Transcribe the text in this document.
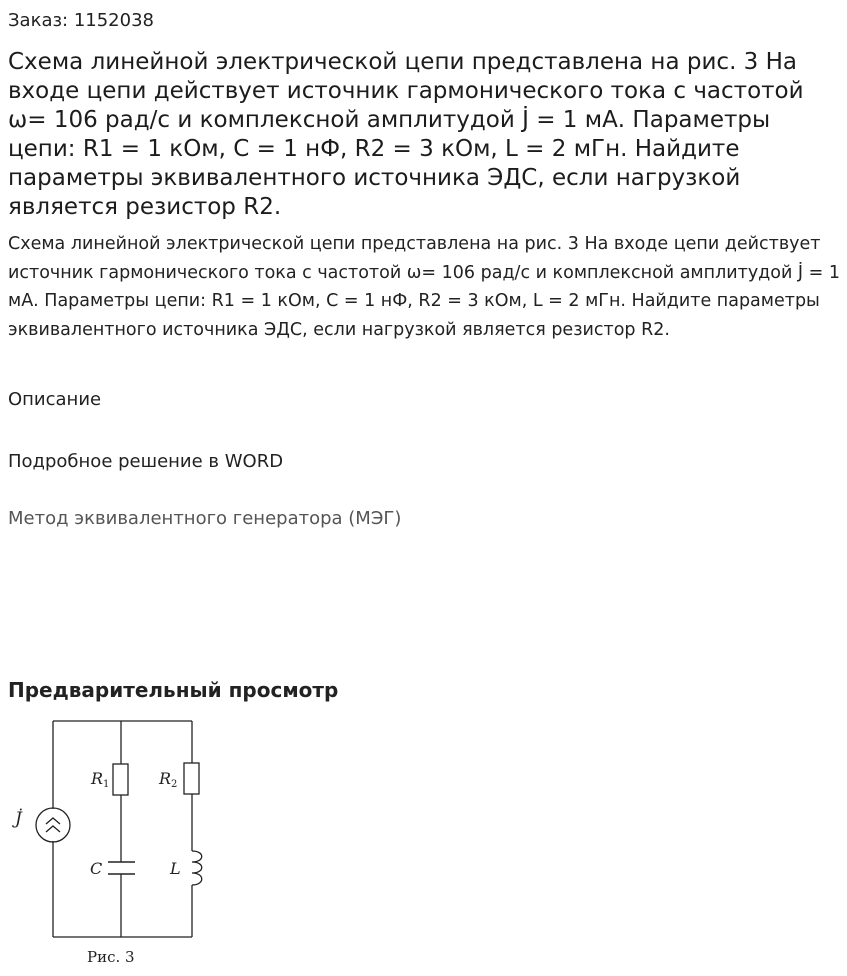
Заказ: 1152038
Схема линейной электрической цепи представлена на рис. 3 На входе цепи действует источник гармонического тока с частотой ω= 106 рад/с и комплексной амплитудой J̇ = 1 мА. Параметры цепи: R1 = 1 кОм, C = 1 нФ, R2 = 3 кОм, L = 2 мГн. Найдите параметры эквивалентного источника ЭДС, если нагрузкой является резистор R2.

Схема линейной электрической цепи представлена на рис. 3 На входе цепи действует источник гармонического тока с частотой ω= 106 рад/с и комплексной амплитудой J̇ = 1 мА. Параметры цепи: R1 = 1 кОм, C = 1 нФ, R2 = 3 кОм, L = 2 мГн. Найдите параметры эквивалентного источника ЭДС, если нагрузкой является резистор R2.

Описание
Подробное решение в WORD
Метод эквивалентного генератора (МЭГ)
Предварительный просмотр
J̇
R1
C
R2
L
Рис. 3
